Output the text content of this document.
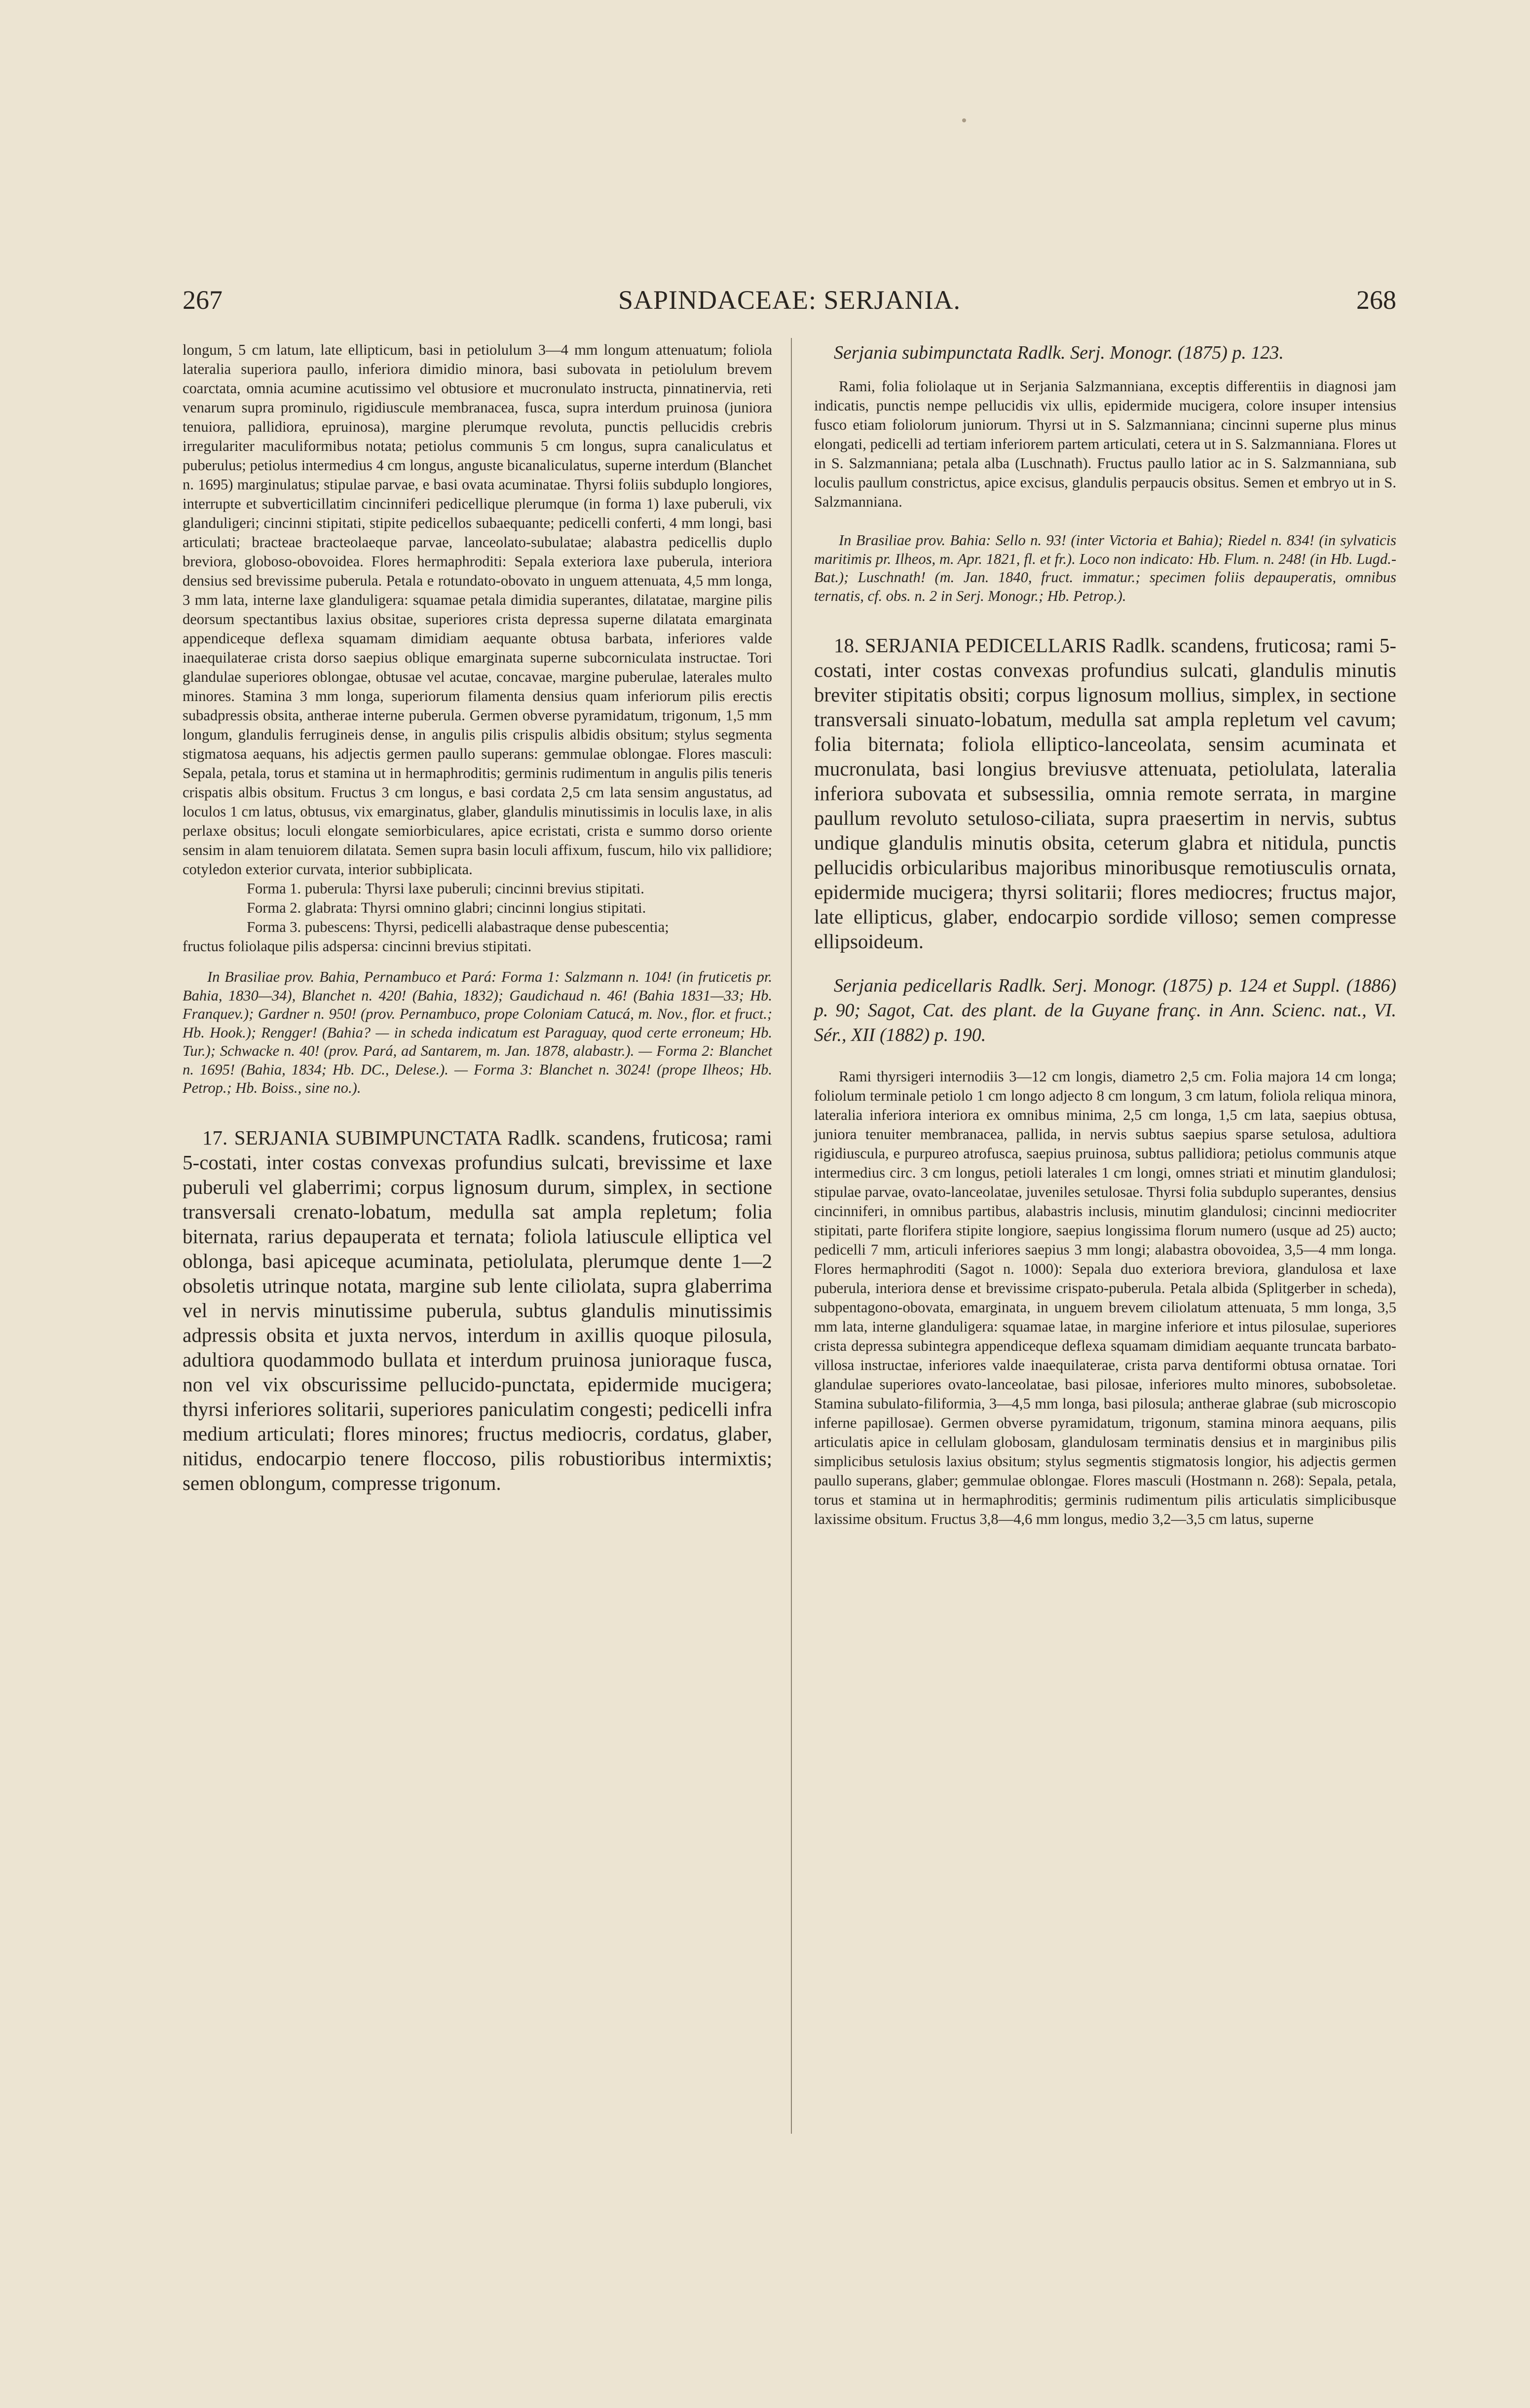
267	SAPINDACEAE: SERJANIA.	268

longum, 5 cm latum, late ellipticum, basi in petiolulum 3—4 mm longum attenuatum; foliola lateralia superiora paullo, inferiora dimidio minora, basi subovata in petiolulum brevem coarctata, omnia acumine acutissimo vel obtusiore et mucronulato instructa, pinnatinervia, reti venarum supra prominulo, rigidiuscule membranacea, fusca, supra interdum pruinosa (juniora tenuiora, pallidiora, epruinosa), margine plerumque revoluta, punctis pellucidis crebris irregulariter maculiformibus notata; petiolus communis 5 cm longus, supra canaliculatus et puberulus; petiolus intermedius 4 cm longus, anguste bicanaliculatus, superne interdum (Blanchet n. 1695) marginulatus; stipulae parvae, e basi ovata acuminatae. Thyrsi foliis subduplo longiores, interrupte et subverticillatim cincinniferi pedicellique plerumque (in forma 1) laxe puberuli, vix glanduligeri; cincinni stipitati, stipite pedicellos subaequante; pedicelli conferti, 4 mm longi, basi articulati; bracteae bracteolaeque parvae, lanceolato-subulatae; alabastra pedicellis duplo breviora, globoso-obovoidea. Flores hermaphroditi: Sepala exteriora laxe puberula, interiora densius sed brevissime puberula. Petala e rotundato-obovato in unguem attenuata, 4,5 mm longa, 3 mm lata, interne laxe glanduligera: squamae petala dimidia superantes, dilatatae, margine pilis deorsum spectantibus laxius obsitae, superiores crista depressa superne dilatata emarginata appendiceque deflexa squamam dimidiam aequante obtusa barbata, inferiores valde inaequilaterae crista dorso saepius oblique emarginata superne subcorniculata instructae. Tori glandulae superiores oblongae, obtusae vel acutae, concavae, margine puberulae, laterales multo minores. Stamina 3 mm longa, superiorum filamenta densius quam inferiorum pilis erectis subadpressis obsita, antherae interne puberula. Germen obverse pyramidatum, trigonum, 1,5 mm longum, glandulis ferrugineis dense, in angulis pilis crispulis albidis obsitum; stylus segmenta stigmatosa aequans, his adjectis germen paullo superans: gemmulae oblongae. Flores masculi: Sepala, petala, torus et stamina ut in hermaphroditis; germinis rudimentum in angulis pilis teneris crispatis albis obsitum. Fructus 3 cm longus, e basi cordata 2,5 cm lata sensim angustatus, ad loculos 1 cm latus, obtusus, vix emarginatus, glaber, glandulis minutissimis in loculis laxe, in alis perlaxe obsitus; loculi elongate semiorbiculares, apice ecristati, crista e summo dorso oriente sensim in alam tenuiorem dilatata. Semen supra basin loculi affixum, fuscum, hilo vix pallidiore; cotyledon exterior curvata, interior subbiplicata.

Forma 1. puberula: Thyrsi laxe puberuli; cincinni brevius stipitati.
Forma 2. glabrata: Thyrsi omnino glabri; cincinni longius stipitati.
Forma 3. pubescens: Thyrsi, pedicelli alabastraque dense pubescentia;
fructus foliolaque pilis adspersa: cincinni brevius stipitati.

In Brasiliae prov. Bahia, Pernambuco et Pará: Forma 1: Salzmann n. 104! (in fruticetis pr. Bahia, 1830—34), Blanchet n. 420! (Bahia, 1832); Gaudichaud n. 46! (Bahia 1831—33; Hb. Franquev.); Gardner n. 950! (prov. Pernambuco, prope Coloniam Catucá, m. Nov., flor. et fruct.; Hb. Hook.); Rengger! (Bahia? — in scheda indicatum est Paraguay, quod certe erroneum; Hb. Tur.); Schwacke n. 40! (prov. Pará, ad Santarem, m. Jan. 1878, alabastr.). — Forma 2: Blanchet n. 1695! (Bahia, 1834; Hb. DC., Delese.). — Forma 3: Blanchet n. 3024! (prope Ilheos; Hb. Petrop.; Hb. Boiss., sine no.).

17. SERJANIA SUBIMPUNCTATA Radlk. scandens, fruticosa; rami 5-costati, inter costas convexas profundius sulcati, brevissime et laxe puberuli vel glaberrimi; corpus lignosum durum, simplex, in sectione transversali crenato-lobatum, medulla sat ampla repletum; folia biternata, rarius depauperata et ternata; foliola latiuscule elliptica vel oblonga, basi apiceque acuminata, petiolulata, plerumque dente 1—2 obsoletis utrinque notata, margine sub lente ciliolata, supra glaberrima vel in nervis minutissime puberula, subtus glandulis minutissimis adpressis obsita et juxta nervos, interdum in axillis quoque pilosula, adultiora quodammodo bullata et interdum pruinosa junioraque fusca, non vel vix obscurissime pellucido-punctata, epidermide mucigera; thyrsi inferiores solitarii, superiores paniculatim congesti; pedicelli infra medium articulati; flores minores; fructus mediocris, cordatus, glaber, nitidus, endocarpio tenere floccoso, pilis robustioribus intermixtis; semen oblongum, compresse trigonum.

Serjania subimpunctata Radlk. Serj. Monogr. (1875) p. 123.

Rami, folia foliolaque ut in Serjania Salzmanniana, exceptis differentiis in diagnosi jam indicatis, punctis nempe pellucidis vix ullis, epidermide mucigera, colore insuper intensius fusco etiam foliolorum juniorum. Thyrsi ut in S. Salzmanniana; cincinni superne plus minus elongati, pedicelli ad tertiam inferiorem partem articulati, cetera ut in S. Salzmanniana. Flores ut in S. Salzmanniana; petala alba (Luschnath). Fructus paullo latior ac in S. Salzmanniana, sub loculis paullum constrictus, apice excisus, glandulis perpaucis obsitus. Semen et embryo ut in S. Salzmanniana.

In Brasiliae prov. Bahia: Sello n. 93! (inter Victoria et Bahia); Riedel n. 834! (in sylvaticis maritimis pr. Ilheos, m. Apr. 1821, fl. et fr.). Loco non indicato: Hb. Flum. n. 248! (in Hb. Lugd.-Bat.); Luschnath! (m. Jan. 1840, fruct. immatur.; specimen foliis depauperatis, omnibus ternatis, cf. obs. n. 2 in Serj. Monogr.; Hb. Petrop.).

18. SERJANIA PEDICELLARIS Radlk. scandens, fruticosa; rami 5-costati, inter costas convexas profundius sulcati, glandulis minutis breviter stipitatis obsiti; corpus lignosum mollius, simplex, in sectione transversali sinuato-lobatum, medulla sat ampla repletum vel cavum; folia biternata; foliola elliptico-lanceolata, sensim acuminata et mucronulata, basi longius breviusve attenuata, petiolulata, lateralia inferiora subovata et subsessilia, omnia remote serrata, in margine paullum revoluto setuloso-ciliata, supra praesertim in nervis, subtus undique glandulis minutis obsita, ceterum glabra et nitidula, punctis pellucidis orbicularibus majoribus minoribusque remotiusculis ornata, epidermide mucigera; thyrsi solitarii; flores mediocres; fructus major, late ellipticus, glaber, endocarpio sordide villoso; semen compresse ellipsoideum.

Serjania pedicellaris Radlk. Serj. Monogr. (1875) p. 124 et Suppl. (1886) p. 90; Sagot, Cat. des plant. de la Guyane franç. in Ann. Scienc. nat., VI. Sér., XII (1882) p. 190.

Rami thyrsigeri internodiis 3—12 cm longis, diametro 2,5 cm. Folia majora 14 cm longa; foliolum terminale petiolo 1 cm longo adjecto 8 cm longum, 3 cm latum, foliola reliqua minora, lateralia inferiora interiora ex omnibus minima, 2,5 cm longa, 1,5 cm lata, saepius obtusa, juniora tenuiter membranacea, pallida, in nervis subtus saepius sparse setulosa, adultiora rigidiuscula, e purpureo atrofusca, saepius pruinosa, subtus pallidiora; petiolus communis atque intermedius circ. 3 cm longus, petioli laterales 1 cm longi, omnes striati et minutim glandulosi; stipulae parvae, ovato-lanceolatae, juveniles setulosae. Thyrsi folia subduplo superantes, densius cincinniferi, in omnibus partibus, alabastris inclusis, minutim glandulosi; cincinni mediocriter stipitati, parte florifera stipite longiore, saepius longissima florum numero (usque ad 25) aucto; pedicelli 7 mm, articuli inferiores saepius 3 mm longi; alabastra obovoidea, 3,5—4 mm longa. Flores hermaphroditi (Sagot n. 1000): Sepala duo exteriora breviora, glandulosa et laxe puberula, interiora dense et brevissime crispato-puberula. Petala albida (Splitgerber in scheda), subpentagono-obovata, emarginata, in unguem brevem ciliolatum attenuata, 5 mm longa, 3,5 mm lata, interne glanduligera: squamae latae, in margine inferiore et intus pilosulae, superiores crista depressa subintegra appendiceque deflexa squamam dimidiam aequante truncata barbato-villosa instructae, inferiores valde inaequilaterae, crista parva dentiformi obtusa ornatae. Tori glandulae superiores ovato-lanceolatae, basi pilosae, inferiores multo minores, subobsoletae. Stamina subulato-filiformia, 3—4,5 mm longa, basi pilosula; antherae glabrae (sub microscopio inferne papillosae). Germen obverse pyramidatum, trigonum, stamina minora aequans, pilis articulatis apice in cellulam globosam, glandulosam terminatis densius et in marginibus pilis simplicibus setulosis laxius obsitum; stylus segmentis stigmatosis longior, his adjectis germen paullo superans, glaber; gemmulae oblongae. Flores masculi (Hostmann n. 268): Sepala, petala, torus et stamina ut in hermaphroditis; germinis rudimentum pilis articulatis simplicibusque laxissime obsitum. Fructus 3,8—4,6 mm longus, medio 3,2—3,5 cm latus, superne
